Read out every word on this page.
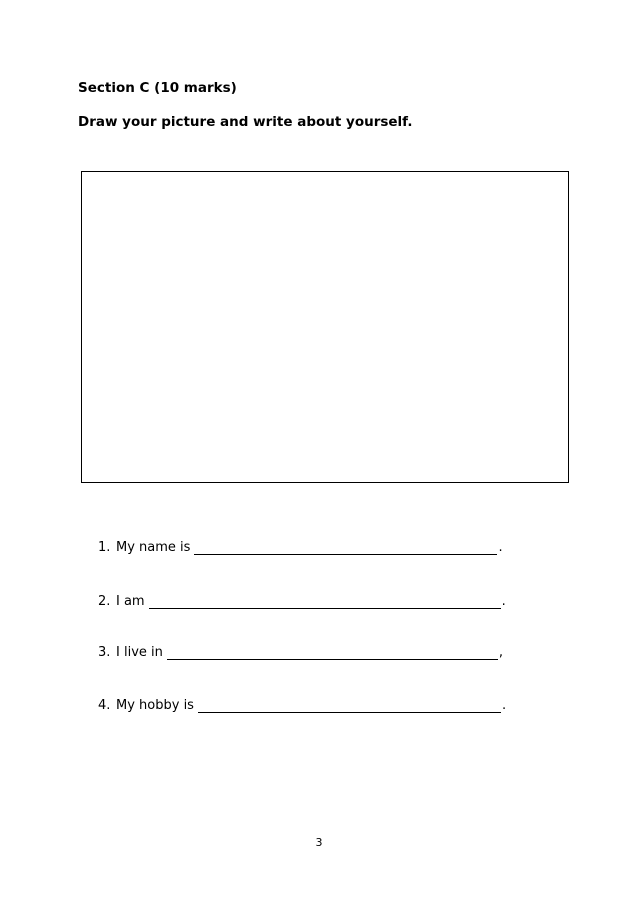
Section C (10 marks)
Draw your picture and write about yourself.
1. My name is	.
2. I am	.
3. I live in	,
4. My hobby is	.
3
